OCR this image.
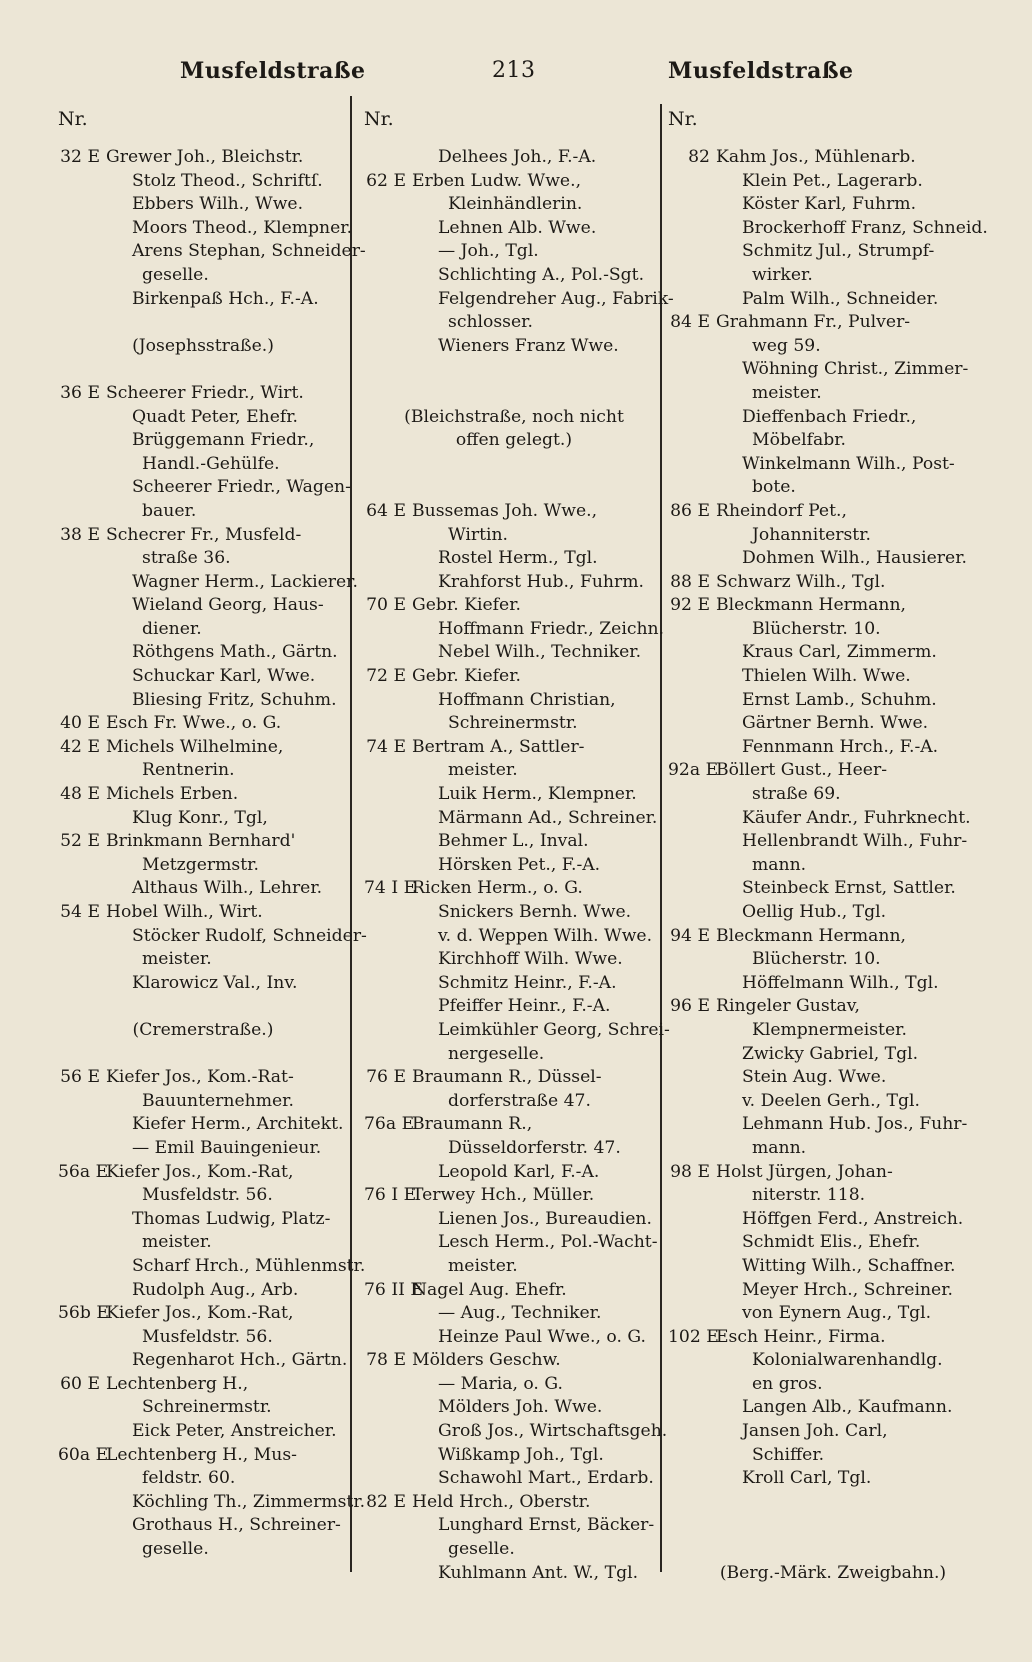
Musfeldstraße	213	Musfeldstraße
Nr.
32 E Grewer Joh., Bleichstr.
Stolz Theod., Schriftſ.
Ebbers Wilh., Wwe.
Moors Theod., Klempner.
Arens Stephan, Schneider-
geselle.
Birkenpaß Hch., F.-A.
(Josephsstraße.)
36 E Scheerer Friedr., Wirt.
Quadt Peter, Ehefr.
Brüggemann Friedr.,
Handl.-Gehülfe.
Scheerer Friedr., Wagen-
bauer.
38 E Schecrer Fr., Musfeld-
straße 36.
Wagner Herm., Lackierer.
Wieland Georg, Haus-
diener.
Röthgens Math., Gärtn.
Schuckar Karl, Wwe.
Bliesing Fritz, Schuhm.
40 E Esch Fr. Wwe., o. G.
42 E Michels Wilhelmine,
Rentnerin.
48 E Michels Erben.
Klug Konr., Tgl,
52 E Brinkmann Bernhard'
Metzgermstr.
Althaus Wilh., Lehrer.
54 E Hobel Wilh., Wirt.
Stöcker Rudolf, Schneider-
meister.
Klarowicz Val., Inv.
(Cremerstraße.)
56 E Kiefer Jos., Kom.-Rat-
Bauunternehmer.
Kiefer Herm., Architekt.
— Emil Bauingenieur.
56a E
Kiefer Jos., Kom.-Rat,
Musfeldstr. 56.
Thomas Ludwig, Platz-
meister.
Scharf Hrch., Mühlenmstr.
Rudolph Aug., Arb.
56b E
Kiefer Jos., Kom.-Rat,
Musfeldstr. 56.
Regenharot Hch., Gärtn.
60 E Lechtenberg H.,
Schreinermstr.
Eick Peter, Anstreicher.
60a E
Lechtenberg H., Mus-
feldstr. 60.
Köchling Th., Zimmermstr.
Grothaus H., Schreiner-
geselle.
Nr.
Delhees Joh., F.-A.
62 E Erben Ludw. Wwe.,
Kleinhändlerin.
Lehnen Alb. Wwe.
— Joh., Tgl.
Schlichting A., Pol.-Sgt.
Felgendreher Aug., Fabrik-
schlosser.
Wieners Franz Wwe.
(Bleichstraße, noch nicht
offen gelegt.)
64 E Bussemas Joh. Wwe.,
Wirtin.
Rostel Herm., Tgl.
Krahforst Hub., Fuhrm.
70 E Gebr. Kiefer.
Hoffmann Friedr., Zeichn.
Nebel Wilh., Techniker.
72 E Gebr. Kiefer.
Hoffmann Christian,
Schreinermstr.
74 E Bertram A., Sattler-
meister.
Luik Herm., Klempner.
Märmann Ad., Schreiner.
Behmer L., Inval.
Hörsken Pet., F.-A.
74 I E
Ricken Herm., o. G.
Snickers Bernh. Wwe.
v. d. Weppen Wilh. Wwe.
Kirchhoff Wilh. Wwe.
Schmitz Heinr., F.-A.
Pfeiffer Heinr., F.-A.
Leimkühler Georg, Schrei-
nergeselle.
76 E Braumann R., Düssel-
dorferstraße 47.
76a E
Braumann R.,
Düsseldorferstr. 47.
Leopold Karl, F.-A.
76 I E
Terwey Hch., Müller.
Lienen Jos., Bureaudien.
Lesch Herm., Pol.-Wacht-
meister.
76 II E
Nagel Aug. Ehefr.
— Aug., Techniker.
Heinze Paul Wwe., o. G.
78 E Mölders Geschw.
— Maria, o. G.
Mölders Joh. Wwe.
Groß Jos., Wirtschaftsgeh.
Wißkamp Joh., Tgl.
Schawohl Mart., Erdarb.
82 E Held Hrch., Oberstr.
Lunghard Ernst, Bäcker-
geselle.
Kuhlmann Ant. W., Tgl.
Nr.
82 Kahm Jos., Mühlenarb.
Klein Pet., Lagerarb.
Köster Karl, Fuhrm.
Brockerhoff Franz, Schneid.
Schmitz Jul., Strumpf-
wirker.
Palm Wilh., Schneider.
84 E Grahmann Fr., Pulver-
weg 59.
Wöhning Christ., Zimmer-
meister.
Dieffenbach Friedr.,
Möbelfabr.
Winkelmann Wilh., Post-
bote.
86 E Rheindorf Pet.,
Johanniterstr.
Dohmen Wilh., Hausierer.
88 E Schwarz Wilh., Tgl.
92 E Bleckmann Hermann,
Blücherstr. 10.
Kraus Carl, Zimmerm.
Thielen Wilh. Wwe.
Ernst Lamb., Schuhm.
Gärtner Bernh. Wwe.
Fennmann Hrch., F.-A.
92a E
Böllert Gust., Heer-
straße 69.
Käufer Andr., Fuhrknecht.
Hellenbrandt Wilh., Fuhr-
mann.
Steinbeck Ernst, Sattler.
Oellig Hub., Tgl.
94 E Bleckmann Hermann,
Blücherstr. 10.
Höffelmann Wilh., Tgl.
96 E Ringeler Gustav,
Klempnermeister.
Zwicky Gabriel, Tgl.
Stein Aug. Wwe.
v. Deelen Gerh., Tgl.
Lehmann Hub. Jos., Fuhr-
mann.
98 E Holst Jürgen, Johan-
niterstr. 118.
Höffgen Ferd., Anstreich.
Schmidt Elis., Ehefr.
Witting Wilh., Schaffner.
Meyer Hrch., Schreiner.
von Eynern Aug., Tgl.
102 E
Esch Heinr., Firma.
Kolonialwarenhandlg.
en gros.
Langen Alb., Kaufmann.
Jansen Joh. Carl,
Schiffer.
Kroll Carl, Tgl.
(Berg.-Märk. Zweigbahn.)
